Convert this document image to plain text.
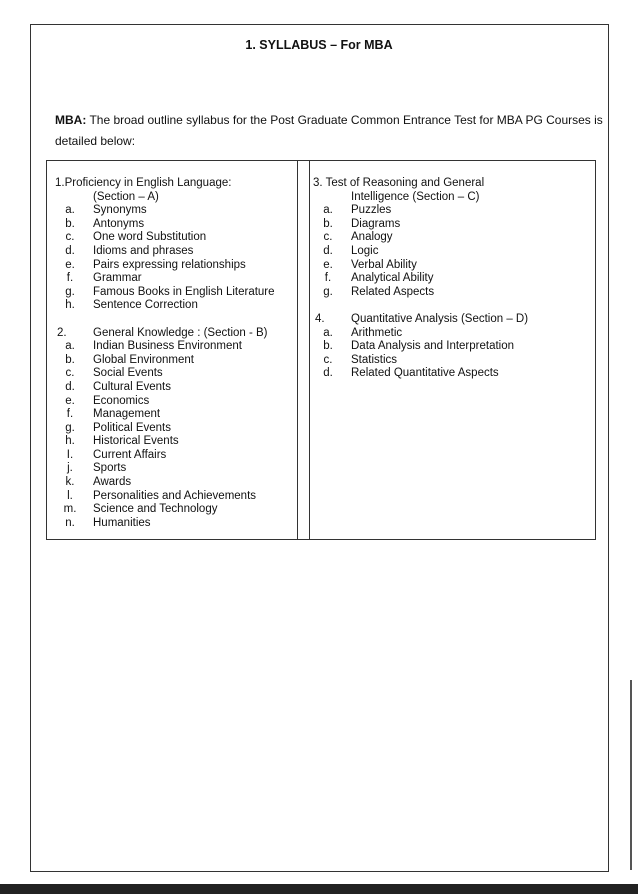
1. SYLLABUS – For MBA
MBA: The broad outline syllabus for the Post Graduate Common Entrance Test for MBA PG Courses is detailed below:
1.Proficiency in English Language:
(Section – A)
a.	Synonyms
b.	Antonyms
c.	One word Substitution
d.	Idioms and phrases
e.	Pairs expressing relationships
f.	Grammar
g.	Famous Books in English Literature
h.	Sentence Correction
2.	General Knowledge : (Section - B)
a.	Indian Business Environment
b.	Global Environment
c.	Social Events
d.	Cultural Events
e.	Economics
f.	Management
g.	Political Events
h.	Historical Events
I.	Current Affairs
j.	Sports
k.	Awards
l.	Personalities and Achievements
m.	Science and Technology
n.	Humanities
3. Test of Reasoning and General
Intelligence (Section – C)
a.	Puzzles
b.	Diagrams
c.	Analogy
d.	Logic
e.	Verbal Ability
f.	Analytical Ability
g.	Related Aspects
4.	Quantitative Analysis (Section – D)
a.	Arithmetic
b.	Data Analysis and Interpretation
c.	Statistics
d.	Related Quantitative Aspects
